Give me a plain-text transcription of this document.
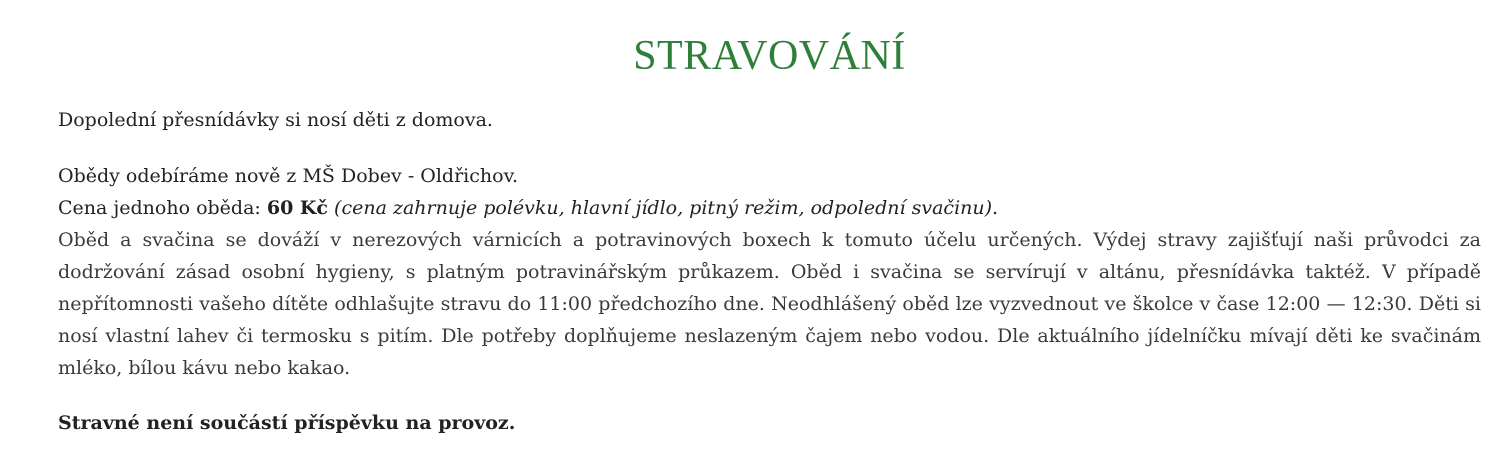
STRAVOVÁNÍ

Dopolední přesnídávky si nosí děti z domova.

Obědy odebíráme nově z MŠ Dobev - Oldřichov.

Cena jednoho oběda: 60 Kč (cena zahrnuje polévku, hlavní jídlo, pitný režim, odpolední svačinu).

Oběd a svačina se dováží v nerezových várnicích a potravinových boxech k tomuto účelu určených. Výdej stravy zajišťují naši průvodci za dodržování zásad osobní hygieny, s platným potravinářským průkazem. Oběd i svačina se servírují v altánu, přesnídávka taktéž. V případě nepřítomnosti vašeho dítěte odhlašujte stravu do 11:00 předchozího dne. Neodhlášený oběd lze vyzvednout ve školce v čase 12:00 — 12:30. Děti si nosí vlastní lahev či termosku s pitím. Dle potřeby doplňujeme neslazeným čajem nebo vodou. Dle aktuálního jídelníčku mívají děti ke svačinám mléko, bílou kávu nebo kakao.

Stravné není součástí příspěvku na provoz.
